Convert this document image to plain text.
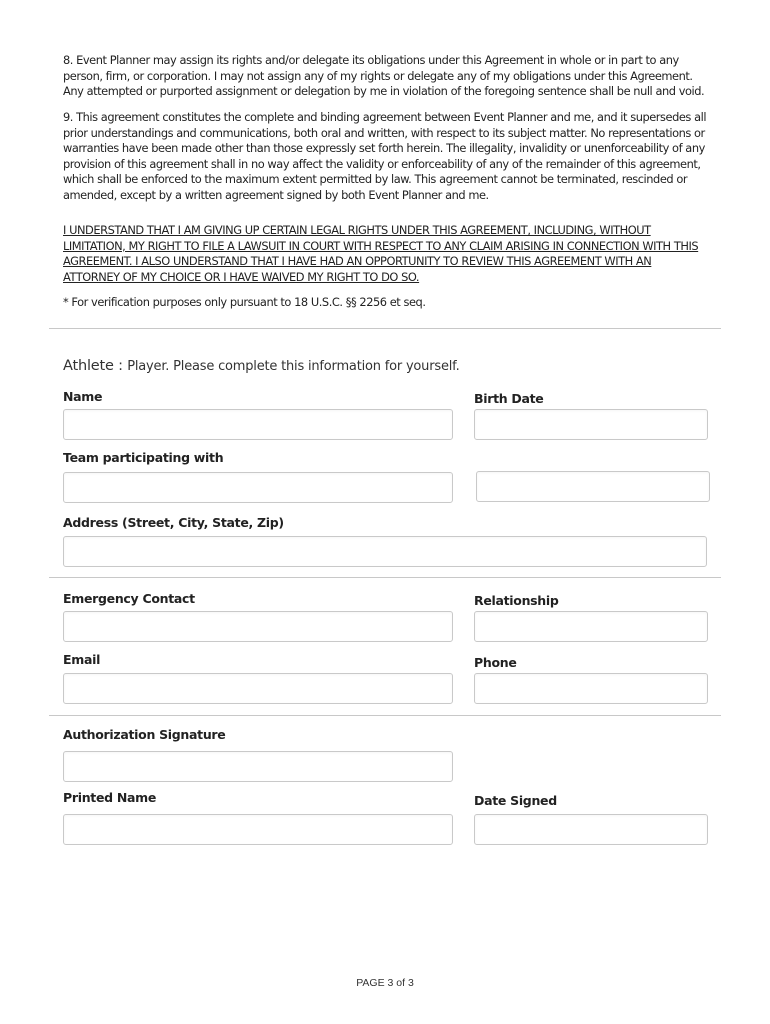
8. Event Planner may assign its rights and/or delegate its obligations under this Agreement in whole or in part to any person, firm, or corporation. I may not assign any of my rights or delegate any of my obligations under this Agreement. Any attempted or purported assignment or delegation by me in violation of the foregoing sentence shall be null and void.

9. This agreement constitutes the complete and binding agreement between Event Planner and me, and it supersedes all prior understandings and communications, both oral and written, with respect to its subject matter. No representations or warranties have been made other than those expressly set forth herein. The illegality, invalidity or unenforceability of any provision of this agreement shall in no way affect the validity or enforceability of any of the remainder of this agreement, which shall be enforced to the maximum extent permitted by law. This agreement cannot be terminated, rescinded or amended, except by a written agreement signed by both Event Planner and me.

I UNDERSTAND THAT I AM GIVING UP CERTAIN LEGAL RIGHTS UNDER THIS AGREEMENT, INCLUDING, WITHOUT LIMITATION, MY RIGHT TO FILE A LAWSUIT IN COURT WITH RESPECT TO ANY CLAIM ARISING IN CONNECTION WITH THIS AGREEMENT. I ALSO UNDERSTAND THAT I HAVE HAD AN OPPORTUNITY TO REVIEW THIS AGREEMENT WITH AN ATTORNEY OF MY CHOICE OR I HAVE WAIVED MY RIGHT TO DO SO.

* For verification purposes only pursuant to 18 U.S.C. §§ 2256 et seq.

Athlete : Player. Please complete this information for yourself.
Name	Birth Date
Team participating with
Address (Street, City, State, Zip)
Emergency Contact	Relationship
Email	Phone
Authorization Signature
Printed Name	Date Signed
PAGE 3 of 3
